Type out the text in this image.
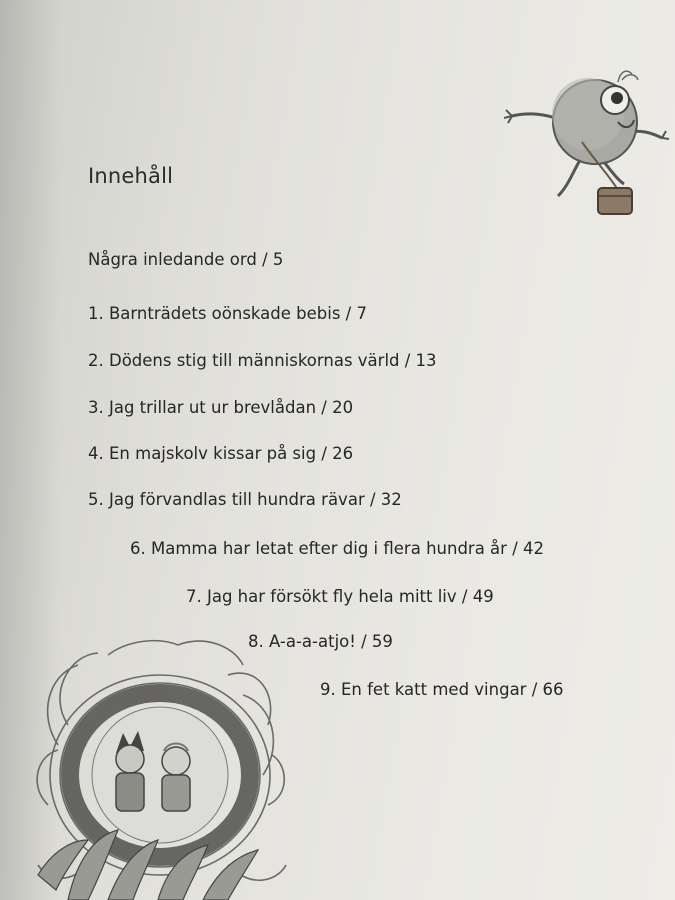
Innehåll
Några inledande ord / 5
1. Barnträdets oönskade bebis / 7
2. Dödens stig till människornas värld / 13
3. Jag trillar ut ur brevlådan / 20
4. En majskolv kissar på sig / 26
5. Jag förvandlas till hundra rävar / 32
6. Mamma har letat efter dig i flera hundra år / 42
7. Jag har försökt fly hela mitt liv / 49
8. A-a-a-atjo! / 59
9. En fet katt med vingar / 66
